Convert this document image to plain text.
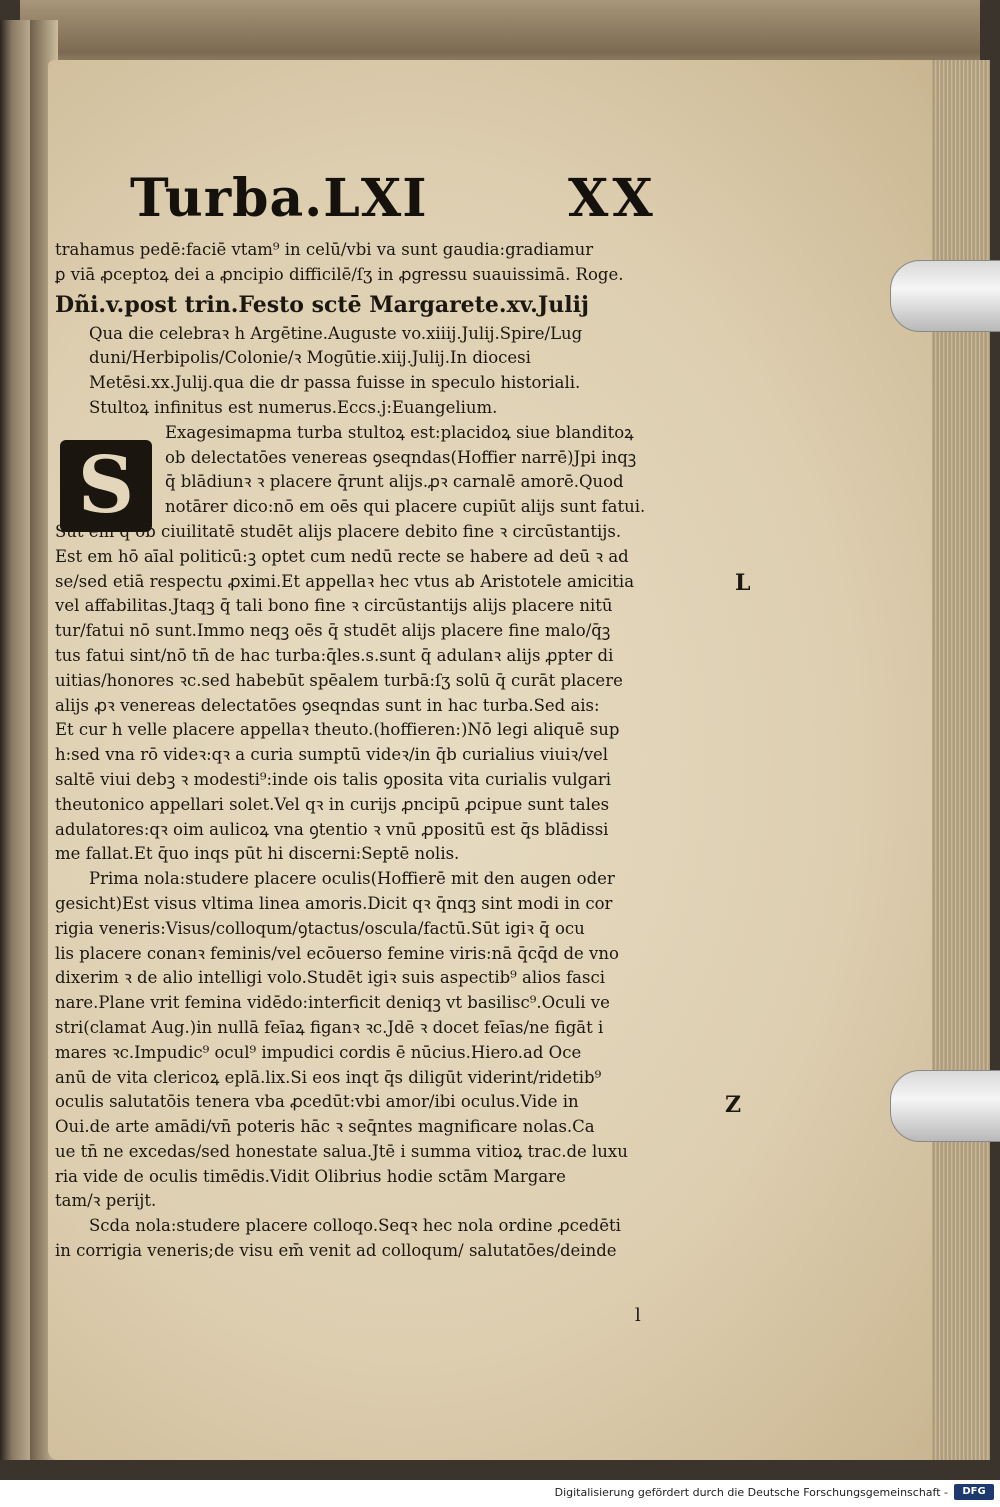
Turba.LXI	XX
S
trahamus pedē:faciē vtam⁹ in celū/vbi va sunt gaudia:gradiamur
ꝑ viā ꝓceptoꝝ dei a ꝓncipio difficilē/ſʒ in ꝓgressu suauissimā. Roge.
Dñi.v.post trin.Festo sctē Margarete.xv.Julij
Qua die celebraꝛ h Argētine.Auguste vo.xiiij.Julij.Spire/Lug
duni/Herbipolis/Colonie/ꝛ Mogūtie.xiij.Julij.In diocesi
Metēsi.xx.Julij.qua die dr passa fuisse in speculo historiali.
Stultoꝝ infinitus est numerus.Eccs.j:Euangelium.
Exagesimapma turba stultoꝝ est:placidoꝝ siue blanditoꝝ
ob delectatōes venereas ꝯseqndas(Hoffier narrē)Jpi inqꝫ
q̄ blādiunꝛ ꝛ placere q̄runt alijs.ꝓꝛ carnalē amorē.Quod
notārer dico:nō em oēs qui placere cupiūt alijs sunt fatui.
Sūt em q̄ ob ciuilitatē studēt alijs placere debito fine ꝛ circūstantijs.
Est em hō aīal politicū:ꝫ optet cum nedū recte se habere ad deū ꝛ ad
se/sed etiā respectu ꝓximi.Et appellaꝛ hec vtus ab Aristotele amicitia
vel affabilitas.Jtaqꝫ q̄ tali bono fine ꝛ circūstantijs alijs placere nitū
tur/fatui nō sunt.Immo neqꝫ oēs q̄ studēt alijs placere fine malo/q̄ꝫ
tus fatui sint/nō tn̄ de hac turba:q̄les.s.sunt q̄ adulanꝛ alijs ꝓpter di
uitias/honores ꝛc.sed habebūt spēalem turbā:ſʒ solū q̄ curāt placere
alijs ꝓꝛ venereas delectatōes ꝯseqndas sunt in hac turba.Sed ais:
Et cur h velle placere appellaꝛ theuto.(hoffieren:)Nō legi aliquē sup
h:sed vna rō videꝛ:qꝛ a curia sumptū videꝛ/in q̄b curialius viuiꝛ/vel
saltē viui debꝫ ꝛ modesti⁹:inde ois talis ꝯposita vita curialis vulgari
theutonico appellari solet.Vel qꝛ in curijs ꝓncipū ꝓcipue sunt tales
adulatores:qꝛ oim aulicoꝝ vna ꝯtentio ꝛ vnū ꝓpositū est q̄s blādissi
me fallat.Et q̄uo inqs pūt hi discerni:Septē nolis.
Prima nola:studere placere oculis(Hoffierē mit den augen oder
gesicht)Est visus vltima linea amoris.Dicit qꝛ q̄nqꝫ sint modi in cor
rigia veneris:Visus/colloqum/ꝯtactus/oscula/factū.Sūt igiꝛ q̄ ocu
lis placere conanꝛ feminis/vel ecōuerso femine viris:nā q̄cq̄d de vno
dixerim ꝛ de alio intelligi volo.Studēt igiꝛ suis aspectib⁹ alios fasci
nare.Plane vrit femina vidēdo:interficit deniqꝫ vt basilisc⁹.Oculi ve
stri(clamat Aug.)in nullā feīaꝝ figanꝛ ꝛc.Jdē ꝛ docet feīas/ne figāt i
mares ꝛc.Impudic⁹ ocul⁹ impudici cordis ē nūcius.Hiero.ad Oce
anū de vita clericoꝝ eplā.lix.Si eos inqt q̄s diligūt viderint/ridetib⁹
oculis salutatōis tenera vba ꝓcedūt:vbi amor/ibi oculus.Vide in
Oui.de arte amādi/vn̄ poteris hāc ꝛ seq̄ntes magnificare nolas.Ca
ue tn̄ ne excedas/sed honestate salua.Jtē i summa vitioꝝ trac.de luxu
ria vide de oculis timēdis.Vidit Olibrius hodie sctām Margare
tam/ꝛ perijt.
Scda nola:studere placere colloqo.Seqꝛ hec nola ordine ꝓcedēti
in corrigia veneris;de visu em̄ venit ad colloqum/ salutatōes/deinde
L
Z
l
Digitalisierung gefördert durch die Deutsche Forschungsgemeinschaft -	DFG
